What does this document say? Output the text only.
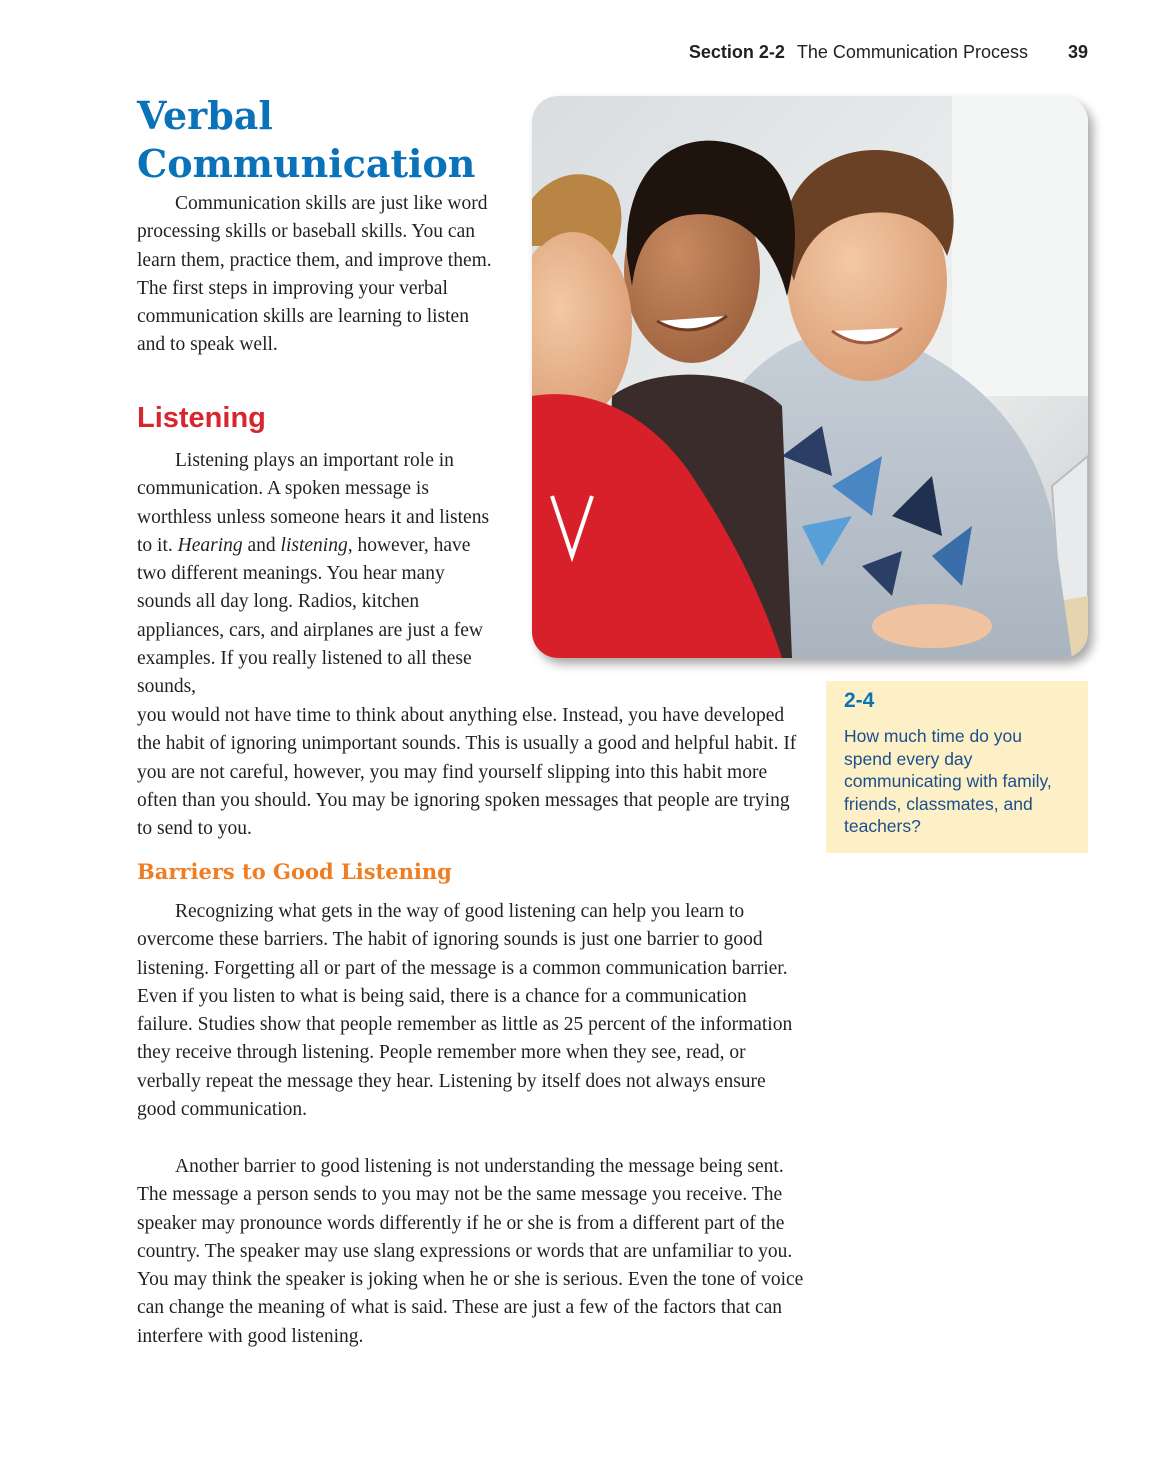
Section 2-2 The Communication Process 39
Verbal Communication

Communication skills are just like word processing skills or baseball skills. You can learn them, practice them, and improve them. The first steps in improving your verbal communication skills are learning to listen and to speak well.

Listening

Listening plays an important role in communication. A spoken message is worthless unless someone hears it and listens to it. Hearing and listening, however, have two different meanings. You hear many sounds all day long. Radios, kitchen appliances, cars, and airplanes are just a few examples. If you really listened to all these sounds,

you would not have time to think about anything else. Instead, you have developed the habit of ignoring unimportant sounds. This is usually a good and helpful habit. If you are not careful, however, you may find yourself slipping into this habit more often than you should. You may be ignoring spoken messages that people are trying to send to you.

Barriers to Good Listening

Recognizing what gets in the way of good listening can help you learn to overcome these barriers. The habit of ignoring sounds is just one barrier to good listening. Forgetting all or part of the message is a common communication barrier. Even if you listen to what is being said, there is a chance for a communication failure. Studies show that people remember as little as 25 percent of the information they receive through listening. People remember more when they see, read, or verbally repeat the message they hear. Listening by itself does not always ensure good communication.

Another barrier to good listening is not understanding the message being sent. The message a person sends to you may not be the same message you receive. The speaker may pronounce words differently if he or she is from a different part of the country. The speaker may use slang expressions or words that are unfamiliar to you. You may think the speaker is joking when he or she is serious. Even the tone of voice can change the meaning of what is said. These are just a few of the factors that can interfere with good listening.

2-4

How much time do you spend every day communicating with family, friends, classmates, and teachers?
